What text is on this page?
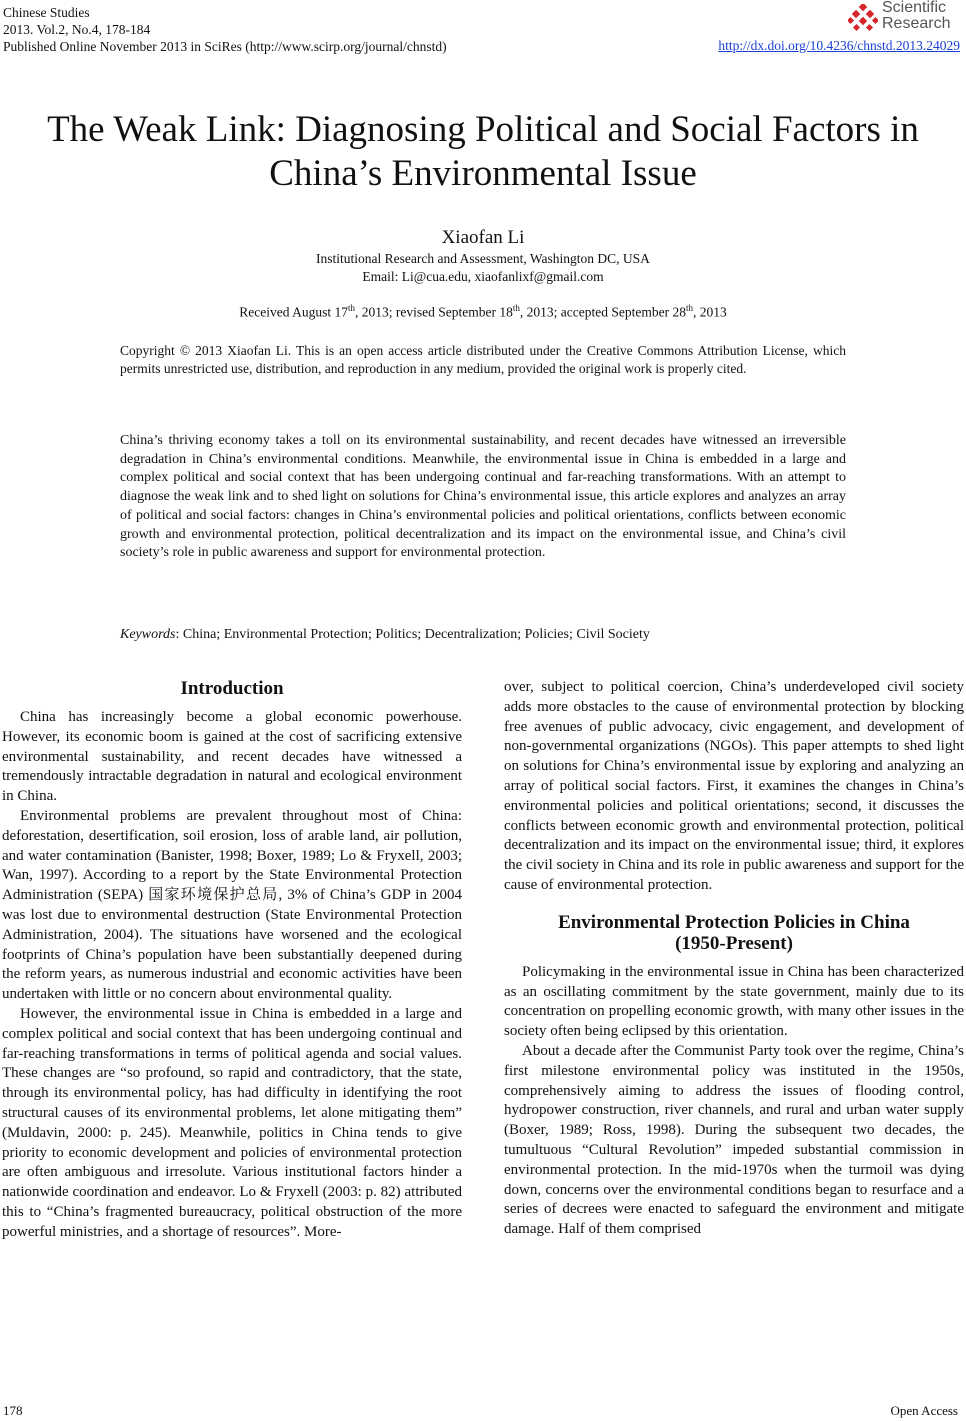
Chinese Studies
2013. Vol.2, No.4, 178-184
Published Online November 2013 in SciRes (http://www.scirp.org/journal/chnstd)
Scientific
Research
http://dx.doi.org/10.4236/chnstd.2013.24029
The Weak Link: Diagnosing Political and Social Factors in
China’s Environmental Issue
Xiaofan Li
Institutional Research and Assessment, Washington DC, USA
Email: Li@cua.edu, xiaofanlixf@gmail.com
Received August 17th, 2013; revised September 18th, 2013; accepted September 28th, 2013
Copyright © 2013 Xiaofan Li. This is an open access article distributed under the Creative Commons Attribution License, which permits unrestricted use, distribution, and reproduction in any medium, provided the original work is properly cited.
China’s thriving economy takes a toll on its environmental sustainability, and recent decades have witnessed an irreversible degradation in China’s environmental conditions. Meanwhile, the environmental issue in China is embedded in a large and complex political and social context that has been undergoing continual and far-reaching transformations. With an attempt to diagnose the weak link and to shed light on solutions for China’s environmental issue, this article explores and analyzes an array of political and social factors: changes in China’s environmental policies and political orientations, conflicts between economic growth and environmental protection, political decentralization and its impact on the environmental issue, and China’s civil society’s role in public awareness and support for environmental protection.
Keywords: China; Environmental Protection; Politics; Decentralization; Policies; Civil Society
Introduction

China has increasingly become a global economic powerhouse. However, its economic boom is gained at the cost of sacrificing extensive environmental sustainability, and recent decades have witnessed a tremendously intractable degradation in natural and ecological environment in China.

Environmental problems are prevalent throughout most of China: deforestation, desertification, soil erosion, loss of arable land, air pollution, and water contamination (Banister, 1998; Boxer, 1989; Lo & Fryxell, 2003; Wan, 1997). According to a report by the State Environmental Protection Administration (SEPA) 国家环境保护总局, 3% of China’s GDP in 2004 was lost due to environmental destruction (State Environmental Protection Administration, 2004). The situations have worsened and the ecological footprints of China’s population have been substantially deepened during the reform years, as numerous industrial and economic activities have been undertaken with little or no concern about environmental quality.

However, the environmental issue in China is embedded in a large and complex political and social context that has been undergoing continual and far-reaching transformations in terms of political agenda and social values. These changes are “so profound, so rapid and contradictory, that the state, through its environmental policy, has had difficulty in identifying the root structural causes of its environmental problems, let alone mitigating them” (Muldavin, 2000: p. 245). Meanwhile, politics in China tends to give priority to economic development and policies of environmental protection are often ambiguous and irresolute. Various institutional factors hinder a nationwide coordination and endeavor. Lo & Fryxell (2003: p. 82) attributed this to “China’s fragmented bureaucracy, political obstruction of the more powerful ministries, and a shortage of resources”. More-

over, subject to political coercion, China’s underdeveloped civil society adds more obstacles to the cause of environmental protection by blocking free avenues of public advocacy, civic engagement, and development of non-governmental organizations (NGOs). This paper attempts to shed light on solutions for China’s environmental issue by exploring and analyzing an array of political social factors. First, it examines the changes in China’s environmental policies and political orientations; second, it discusses the conflicts between economic growth and environmental protection, political decentralization and its impact on the environmental issue; third, it explores the civil society in China and its role in public awareness and support for the cause of environmental protection.

Environmental Protection Policies in China
(1950-Present)

Policymaking in the environmental issue in China has been characterized as an oscillating commitment by the state government, mainly due to its concentration on propelling economic growth, with many other issues in the society often being eclipsed by this orientation.

About a decade after the Communist Party took over the regime, China’s first milestone environmental policy was instituted in the 1950s, comprehensively aiming to address the issues of flooding control, hydropower construction, river channels, and rural and urban water supply (Boxer, 1989; Ross, 1998). During the subsequent two decades, the tumultuous “Cultural Revolution” impeded substantial commission in environmental protection. In the mid-1970s when the turmoil was dying down, concerns over the environmental conditions began to resurface and a series of decrees were enacted to safeguard the environment and mitigate damage. Half of them comprised

178	Open Access
